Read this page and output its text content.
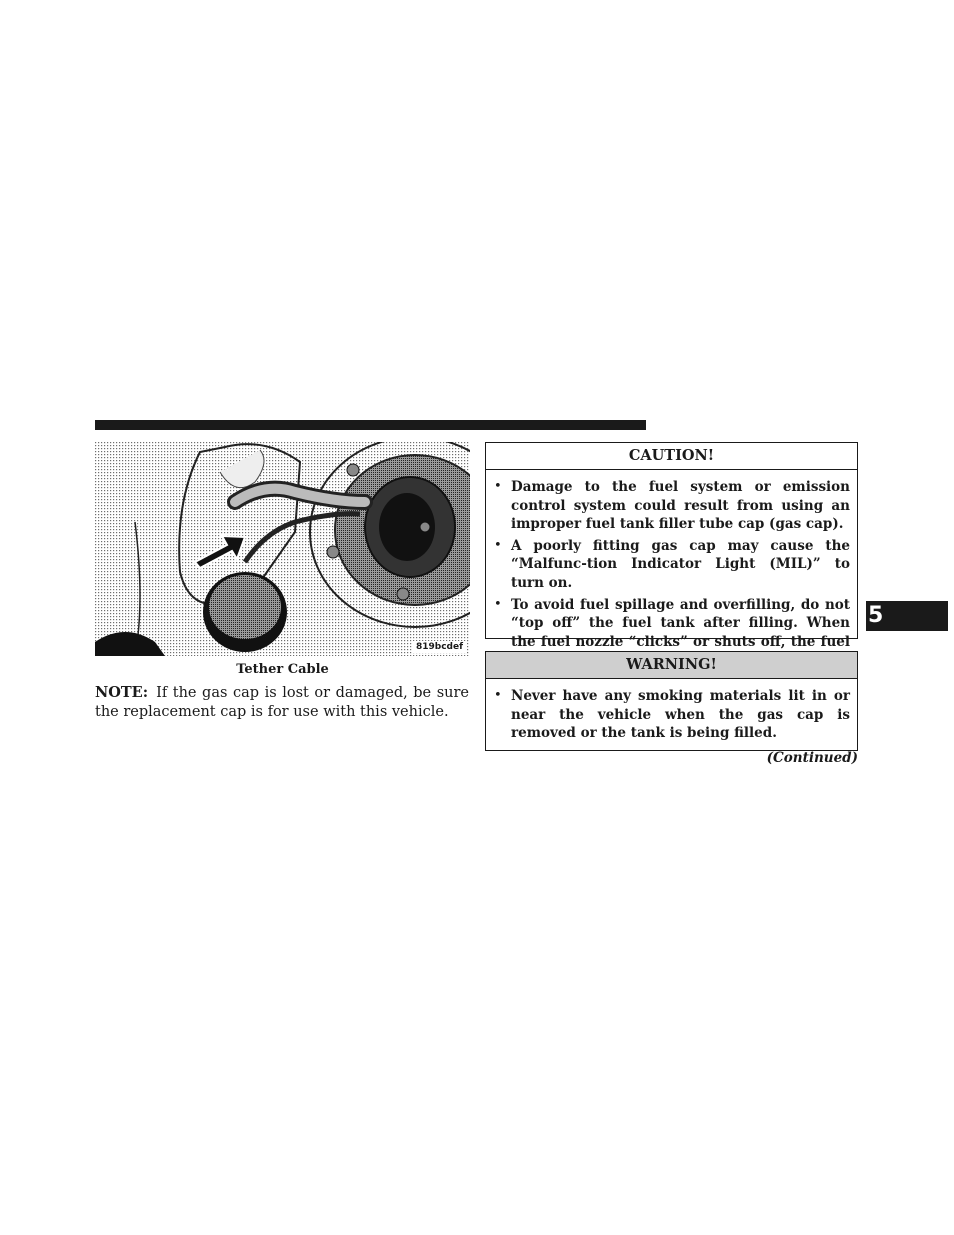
819bcdef
Tether Cable
NOTE: If the gas cap is lost or damaged, be sure the replacement cap is for use with this vehicle.
CAUTION!
• Damage to the fuel system or emission control system could result from using an improper fuel tank filler tube cap (gas cap).
• A poorly fitting gas cap may cause the “Malfunc-tion Indicator Light (MIL)” to turn on.
• To avoid fuel spillage and overfilling, do not “top off” the fuel tank after filling. When the fuel nozzle “clicks” or shuts off, the fuel
WARNING!
• Never have any smoking materials lit in or near the vehicle when the gas cap is removed or the tank is being filled.
(Continued)
5
